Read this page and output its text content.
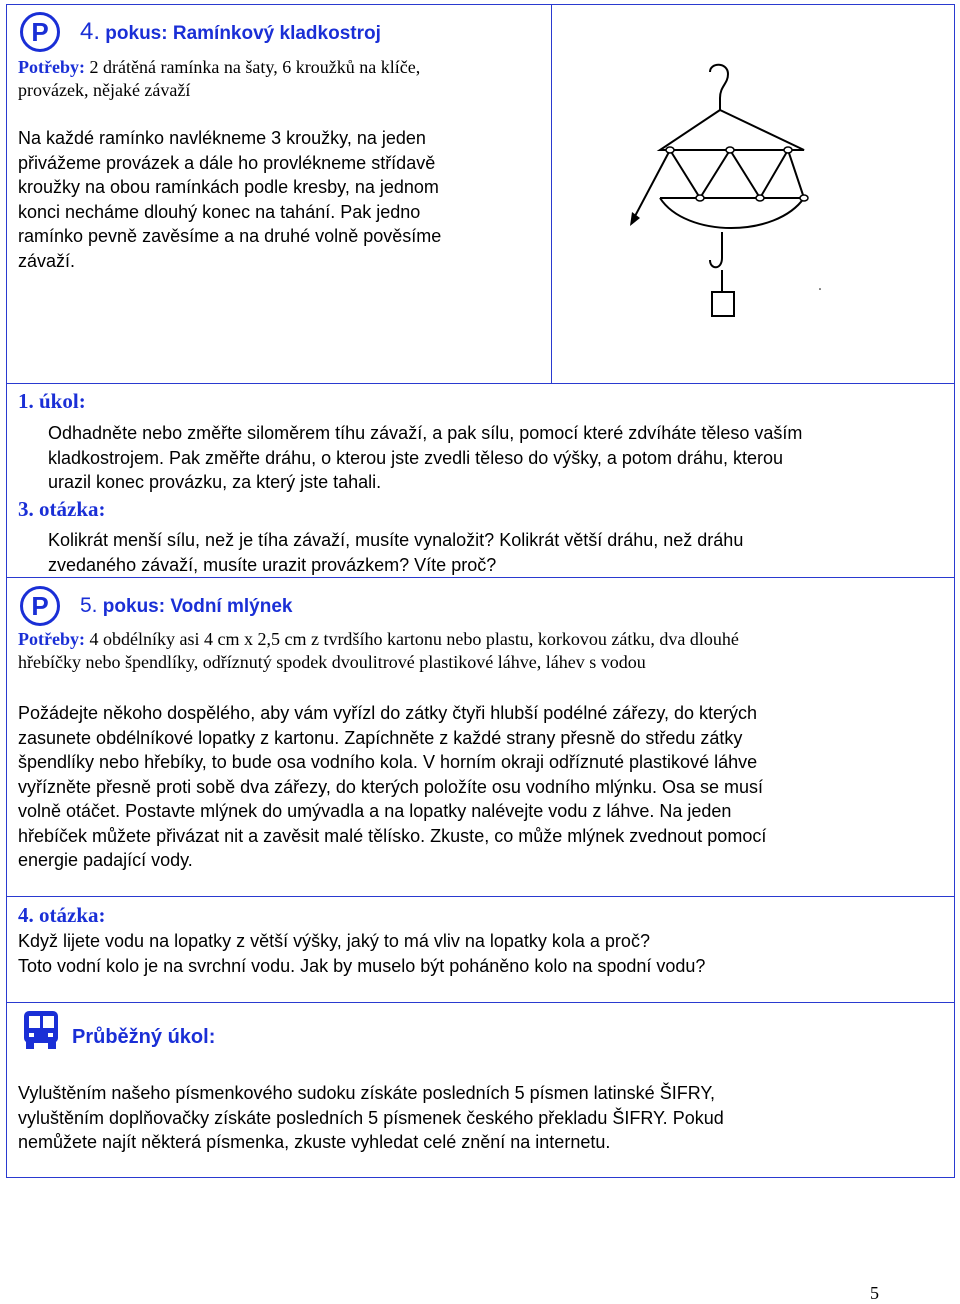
P	4. pokus: Ramínkový kladkostroj
Potřeby: 2 drátěná ramínka na šaty, 6 kroužků na klíče,
provázek, nějaké závaží
Na každé ramínko navlékneme 3 kroužky, na jeden
přivážeme provázek a dále ho provlékneme střídavě
kroužky na obou ramínkách podle kresby, na jednom
konci necháme dlouhý konec na tahání. Pak jedno
ramínko pevně zavěsíme a na druhé volně pověsíme
závaží.
1. úkol:
Odhadněte nebo změřte siloměrem tíhu závaží, a pak sílu, pomocí které zdvíháte těleso vaším
kladkostrojem. Pak změřte dráhu, o kterou jste zvedli těleso do výšky, a potom dráhu, kterou
urazil konec provázku, za který jste tahali.
3. otázka:
Kolikrát menší sílu, než je tíha závaží, musíte vynaložit? Kolikrát větší dráhu, než dráhu
zvedaného závaží, musíte urazit provázkem? Víte proč?
P	5. pokus: Vodní mlýnek
Potřeby: 4 obdélníky asi 4 cm x 2,5 cm z tvrdšího kartonu nebo plastu, korkovou zátku, dva dlouhé
hřebíčky nebo špendlíky, odříznutý spodek dvoulitrové plastikové láhve, láhev s vodou
Požádejte někoho dospělého, aby vám vyřízl do zátky čtyři hlubší podélné zářezy, do kterých
zasunete obdélníkové lopatky z kartonu. Zapíchněte z každé strany přesně do středu zátky
špendlíky nebo hřebíky, to bude osa vodního kola. V horním okraji odříznuté plastikové láhve
vyřízněte přesně proti sobě dva zářezy, do kterých položíte osu vodního mlýnku. Osa se musí
volně otáčet. Postavte mlýnek do umývadla a na lopatky nalévejte vodu z láhve. Na jeden
hřebíček můžete přivázat nit a zavěsit malé tělísko. Zkuste, co může mlýnek zvednout pomocí
energie padající vody.
4. otázka:
Když lijete vodu na lopatky z větší výšky, jaký to má vliv na lopatky kola a proč?
Toto vodní kolo je na svrchní vodu. Jak by muselo být poháněno kolo na spodní vodu?
Průběžný úkol:
Vyluštěním našeho písmenkového sudoku získáte posledních 5 písmen latinské ŠIFRY,
vyluštěním doplňovačky získáte posledních 5 písmenek českého překladu ŠIFRY. Pokud
nemůžete najít některá písmenka, zkuste vyhledat celé znění na internetu.
5
